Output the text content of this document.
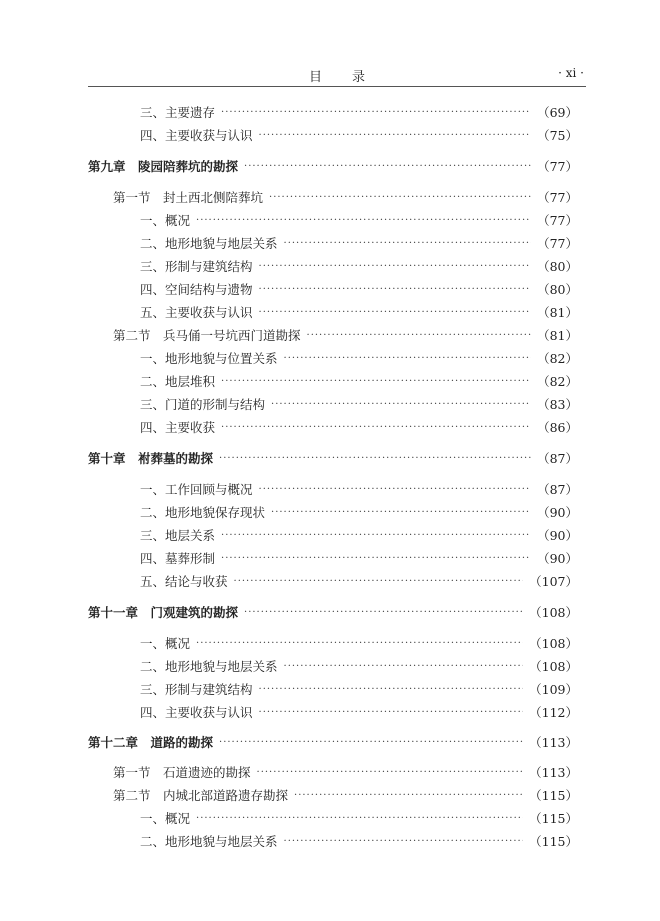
目 录	· xi ·
三、主要遗存 ·····	（69）
四、主要收获与认识 ·····	（75）
第九章　陵园陪葬坑的勘探 ·····	（77）
第一节　封土西北侧陪葬坑 ·····	（77）
一、概况 ·····	（77）
二、地形地貌与地层关系 ·····	（77）
三、形制与建筑结构 ·····	（80）
四、空间结构与遗物 ·····	（80）
五、主要收获与认识 ·····	（81）
第二节　兵马俑一号坑西门道勘探 ·····	（81）
一、地形地貌与位置关系 ·····	（82）
二、地层堆积 ·····	（82）
三、门道的形制与结构 ·····	（83）
四、主要收获 ·····	（86）
第十章　祔葬墓的勘探 ·····	（87）
一、工作回顾与概况 ·····	（87）
二、地形地貌保存现状 ·····	（90）
三、地层关系 ·····	（90）
四、墓葬形制 ·····	（90）
五、结论与收获 ·····	（107）
第十一章　门观建筑的勘探 ·····	（108）
一、概况 ·····	（108）
二、地形地貌与地层关系 ·····	（108）
三、形制与建筑结构 ·····	（109）
四、主要收获与认识 ·····	（112）
第十二章　道路的勘探 ·····	（113）
第一节　石道遗迹的勘探 ·····	（113）
第二节　内城北部道路遗存勘探 ·····	（115）
一、概况 ·····	（115）
二、地形地貌与地层关系 ·····	（115）
